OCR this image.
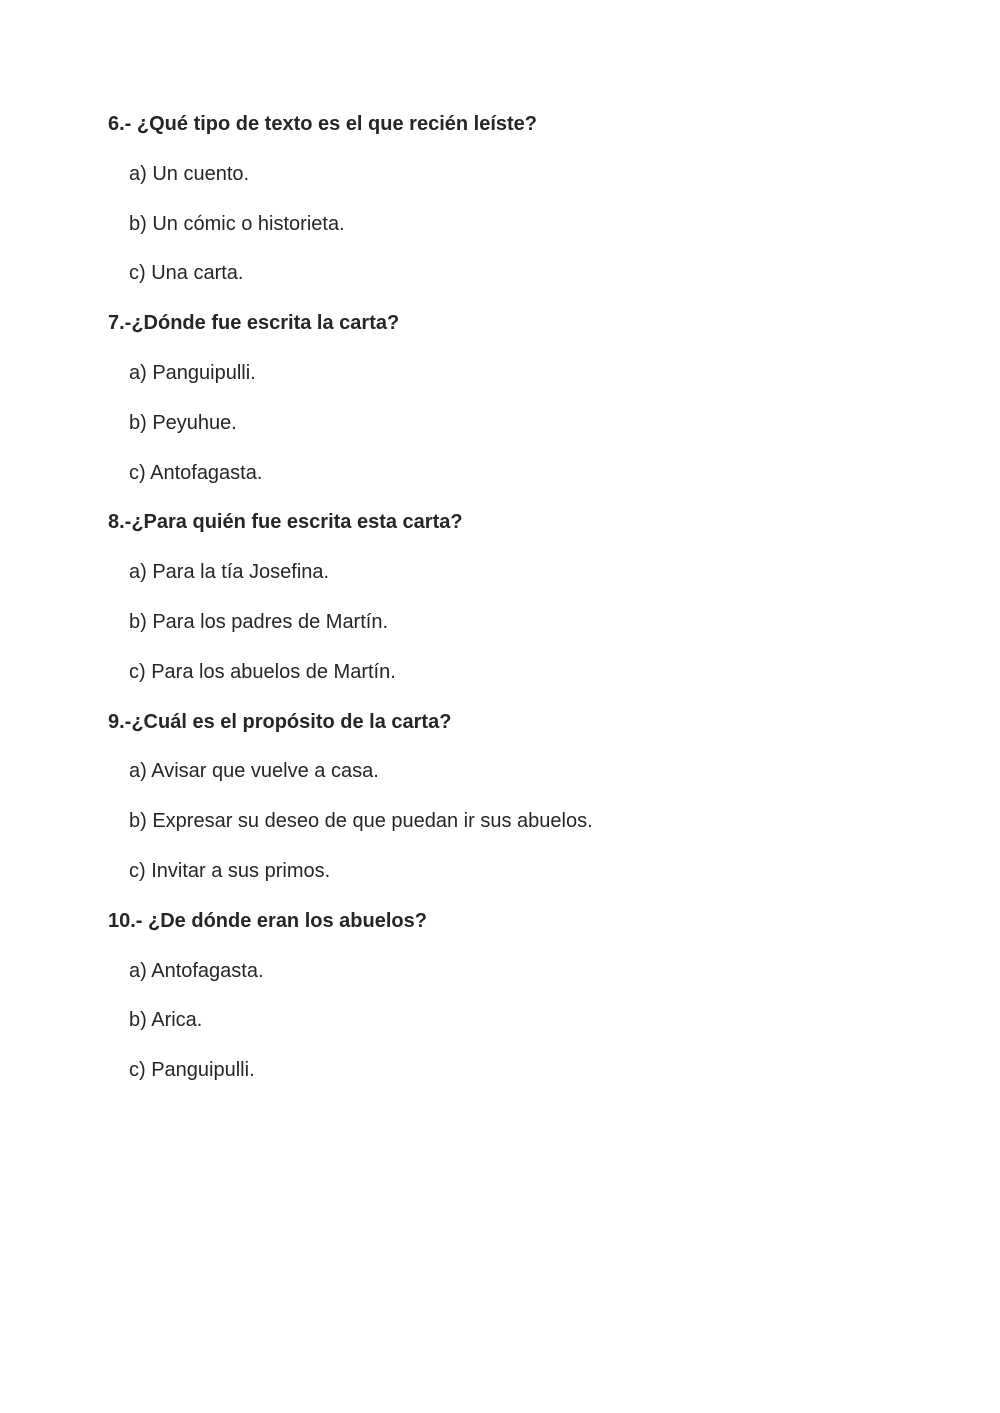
6.- ¿Qué tipo de texto es el que recién leíste?
a) Un cuento.
b) Un cómic o historieta.
c) Una carta.
7.-¿Dónde fue escrita la carta?
a) Panguipulli.
b) Peyuhue.
c) Antofagasta.
8.-¿Para quién fue escrita esta carta?
a) Para la tía Josefina.
b) Para los padres de Martín.
c) Para los abuelos de Martín.
9.-¿Cuál es el propósito de la carta?
a) Avisar que vuelve a casa.
b) Expresar su deseo de que puedan ir sus abuelos.
c) Invitar a sus primos.
10.- ¿De dónde eran los abuelos?
a) Antofagasta.
b) Arica.
c) Panguipulli.
